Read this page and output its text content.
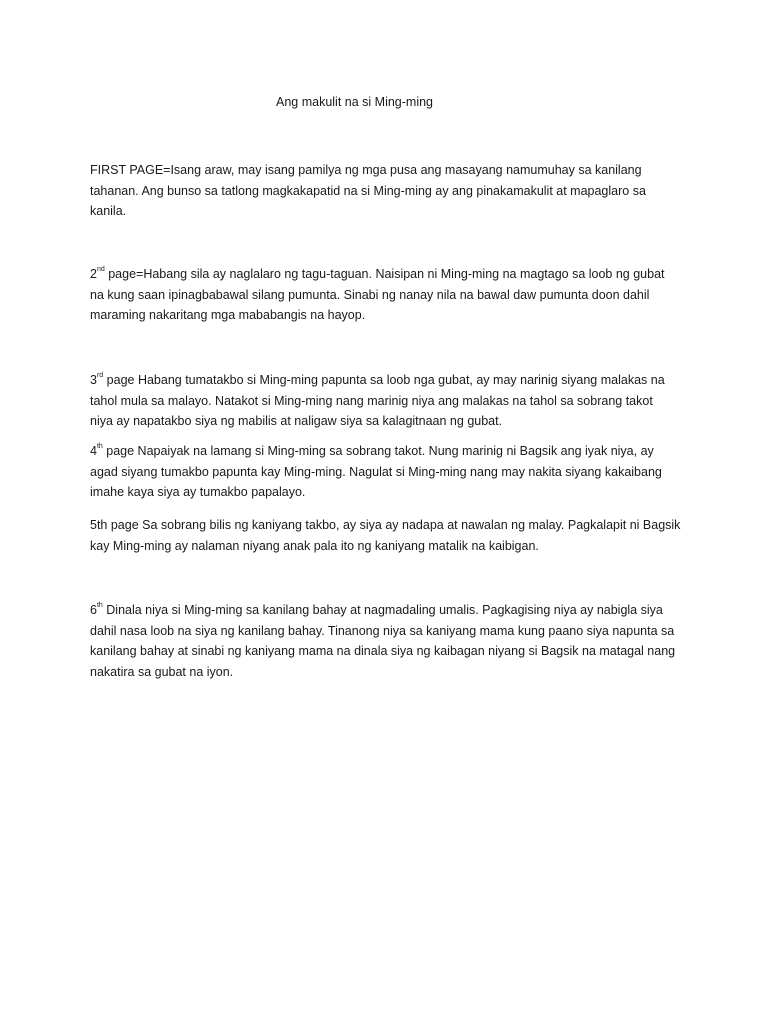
Ang makulit na si Ming-ming
FIRST PAGE=Isang araw, may isang pamilya ng mga pusa ang masayang namumuhay sa kanilang
tahanan. Ang bunso sa tatlong magkakapatid na si Ming-ming ay ang pinakamakulit at mapaglaro sa
kanila.
2nd page=Habang sila ay naglalaro ng tagu-taguan. Naisipan ni Ming-ming na magtago sa loob ng gubat
na kung saan ipinagbabawal silang pumunta. Sinabi ng nanay nila na bawal daw pumunta doon dahil
maraming nakaritang mga mababangis na hayop.
3rd page Habang tumatakbo si Ming-ming papunta sa loob nga gubat, ay may narinig siyang malakas na
tahol mula sa malayo. Natakot si Ming-ming nang marinig niya ang malakas na tahol sa sobrang takot
niya ay napatakbo siya ng mabilis at naligaw siya sa kalagitnaan ng gubat.
4th page Napaiyak na lamang si Ming-ming sa sobrang takot. Nung marinig ni Bagsik ang iyak niya, ay
agad siyang tumakbo papunta kay Ming-ming. Nagulat si Ming-ming nang may nakita siyang kakaibang
imahe kaya siya ay tumakbo papalayo.
5th page Sa sobrang bilis ng kaniyang takbo, ay siya ay nadapa at nawalan ng malay. Pagkalapit ni Bagsik
kay Ming-ming ay nalaman niyang anak pala ito ng kaniyang matalik na kaibigan.
6th Dinala niya si Ming-ming sa kanilang bahay at nagmadaling umalis. Pagkagising niya ay nabigla siya
dahil nasa loob na siya ng kanilang bahay. Tinanong niya sa kaniyang mama kung paano siya napunta sa
kanilang bahay at sinabi ng kaniyang mama na dinala siya ng kaibagan niyang si Bagsik na matagal nang
nakatira sa gubat na iyon.
